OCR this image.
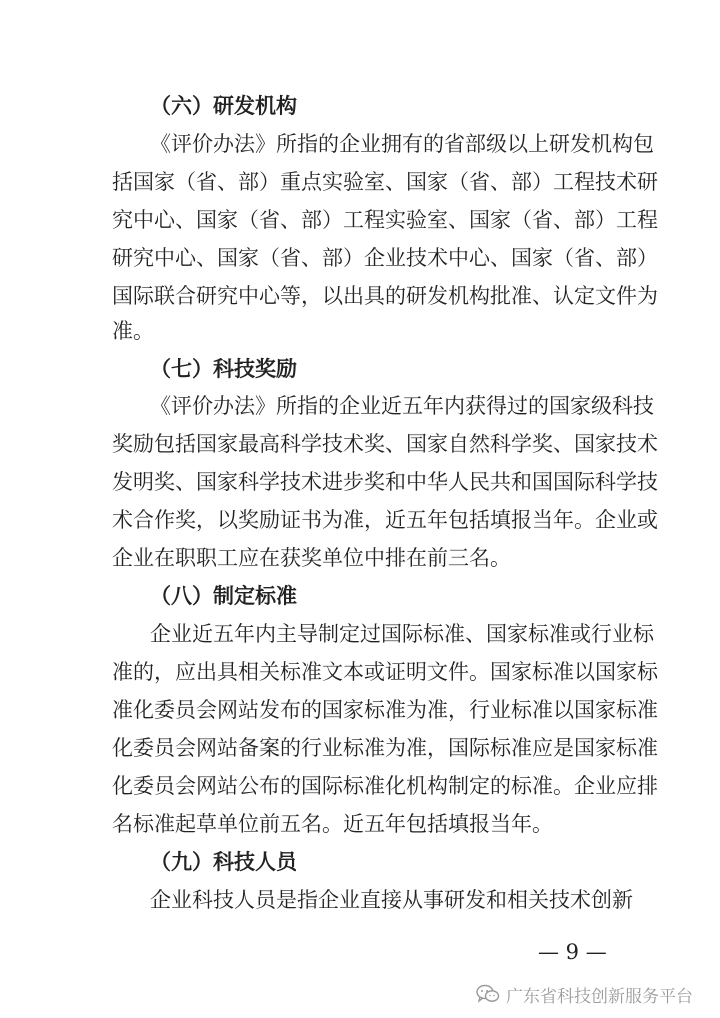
（六）研发机构
《评价办法》所指的企业拥有的省部级以上研发机构包
括国家（省、部）重点实验室、国家（省、部）工程技术研
究中心、国家（省、部）工程实验室、国家（省、部）工程
研究中心、国家（省、部）企业技术中心、国家（省、部）
国际联合研究中心等，以出具的研发机构批准、认定文件为
准。
（七）科技奖励
《评价办法》所指的企业近五年内获得过的国家级科技
奖励包括国家最高科学技术奖、国家自然科学奖、国家技术
发明奖、国家科学技术进步奖和中华人民共和国国际科学技
术合作奖，以奖励证书为准，近五年包括填报当年。企业或
企业在职职工应在获奖单位中排在前三名。
（八）制定标准
企业近五年内主导制定过国际标准、国家标准或行业标
准的，应出具相关标准文本或证明文件。国家标准以国家标
准化委员会网站发布的国家标准为准，行业标准以国家标准
化委员会网站备案的行业标准为准，国际标准应是国家标准
化委员会网站公布的国际标准化机构制定的标准。企业应排
名标准起草单位前五名。近五年包括填报当年。
（九）科技人员
企业科技人员是指企业直接从事研发和相关技术创新
— 9 —
广东省科技创新服务平台
